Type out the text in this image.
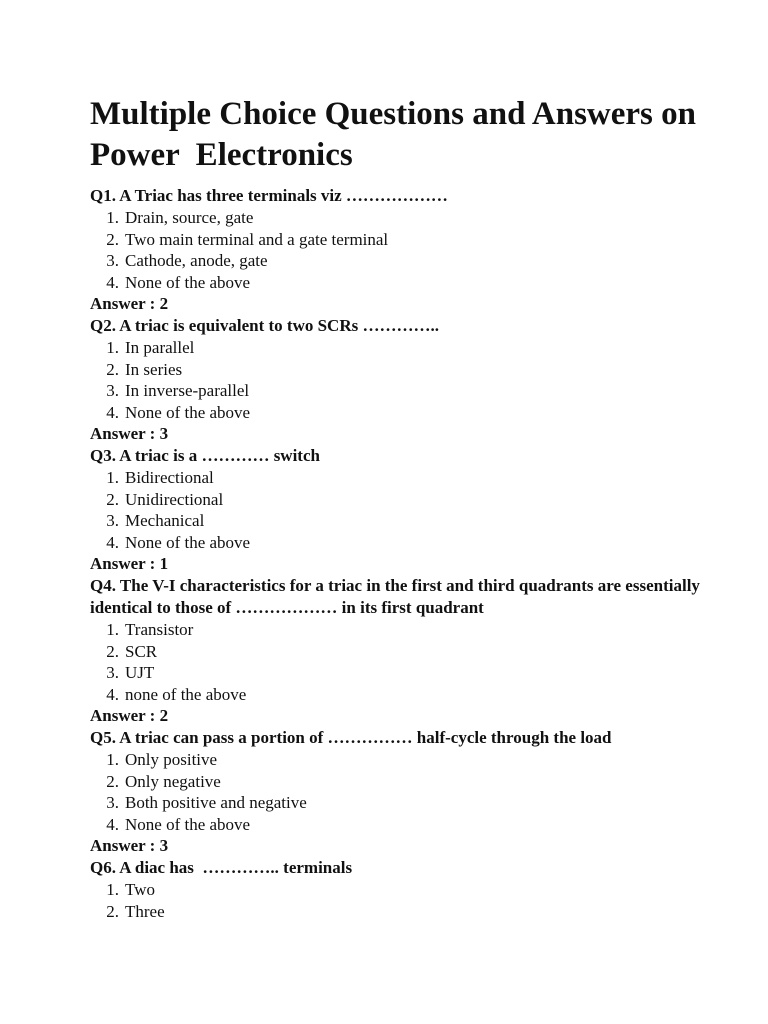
Multiple Choice Questions and Answers on Power  Electronics

Q1. A Triac has three terminals viz ………………

1 . Drain, source, gate
2 . Two main terminal and a gate terminal
3 . Cathode, anode, gate
4 . None of the above

Answer : 2

Q2. A triac is equivalent to two SCRs …………..

1 . In parallel
2 . In series
3 . In inverse-parallel
4 . None of the above

Answer : 3

Q3. A triac is a ………… switch

1 . Bidirectional
2 . Unidirectional
3 . Mechanical
4 . None of the above

Answer : 1

Q4. The V-I characteristics for a triac in the first and third quadrants are essentially identical to those of ……………… in its first quadrant

1 . Transistor
2 . SCR
3 . UJT
4 . none of the above

Answer : 2

Q5. A triac can pass a portion of …………… half-cycle through the load

1 . Only positive
2 . Only negative
3 . Both positive and negative
4 . None of the above

Answer : 3

Q6. A diac has  ………….. terminals

1 . Two
2 . Three
